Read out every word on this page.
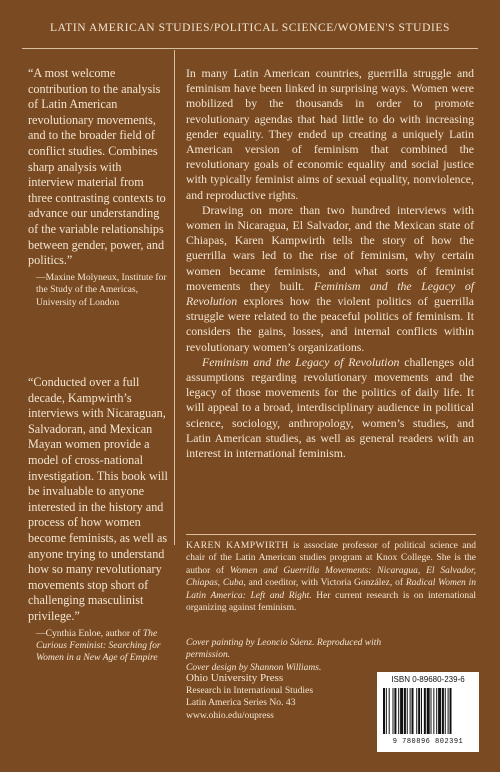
LATIN AMERICAN STUDIES/POLITICAL SCIENCE/WOMEN'S STUDIES

“A most welcome contribution to the analysis of Latin American revolutionary movements, and to the broader field of conflict studies. Combines sharp analysis with interview material from three contrasting contexts to advance our understanding of the variable relationships between gender, power, and politics.”

—Maxine Molyneux, Institute for the Study of the Americas, University of London

“Conducted over a full decade, Kampwirth’s interviews with Nicaraguan, Salvadoran, and Mexican Mayan women provide a model of cross-national investigation. This book will be invaluable to anyone interested in the history and process of how women become feminists, as well as anyone trying to understand how so many revolutionary movements stop short of challenging masculinist privilege.”

—Cynthia Enloe, author of The Curious Feminist: Searching for Women in a New Age of Empire

In many Latin American countries, guerrilla struggle and feminism have been linked in surprising ways. Women were mobilized by the thousands in order to promote revolutionary agendas that had little to do with increasing gender equality. They ended up creating a uniquely Latin American version of feminism that combined the revolutionary goals of economic equality and social justice with typically feminist aims of sexual equality, nonviolence, and reproductive rights.

Drawing on more than two hundred interviews with women in Nicaragua, El Salvador, and the Mexican state of Chiapas, Karen Kampwirth tells the story of how the guerrilla wars led to the rise of feminism, why certain women became feminists, and what sorts of feminist movements they built. Feminism and the Legacy of Revolution explores how the violent politics of guerrilla struggle were related to the peaceful politics of feminism. It considers the gains, losses, and internal conflicts within revolutionary women’s organizations.

Feminism and the Legacy of Revolution challenges old assumptions regarding revolutionary movements and the legacy of those movements for the politics of daily life. It will appeal to a broad, interdisciplinary audience in political science, sociology, anthropology, women’s studies, and Latin American studies, as well as general readers with an interest in international feminism.

KAREN KAMPWIRTH is associate professor of political science and chair of the Latin American studies program at Knox College. She is the author of Women and Guerrilla Movements: Nicaragua, El Salvador, Chiapas, Cuba, and coeditor, with Victoria González, of Radical Women in Latin America: Left and Right. Her current research is on international organizing against feminism.
Cover painting by Leoncio Sáenz. Reproduced with permission.
Cover design by Shannon Williams.
Ohio University Press
Research in International Studies
Latin America Series No. 43
www.ohio.edu/oupress
ISBN 0-89680-239-6
9 780896 802391
